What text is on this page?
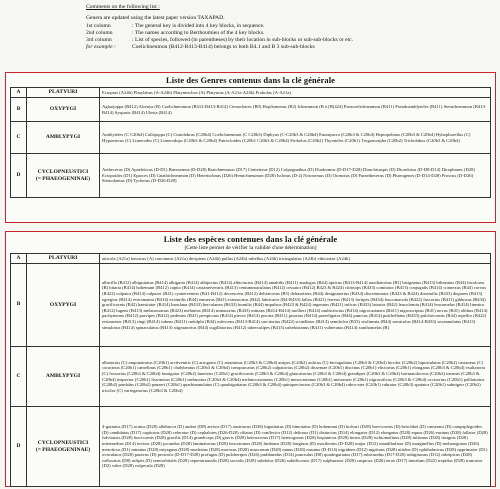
Comments on the following list :
Genera are updated using the latest paper version TAXAPAD.
1st column	: The general key is divided into 4 key blocks, in sequence.
2nd column	: The names according to Berthoumieu of the 4 key blocks.
3rd column	: List of species, followed (in parentheses) by their location in sub-blocks or sub-sub-blocks or etc.
for example :	Coelichneumon (B412-B413-B414) belongs to both B4.1 and B 3 sub-sub-blocks
Liste des Genres contenus dans la clé générale
A	PLATYURI	Ectopius (A24b) Platylabus (A-A24b) Platymischos (A) Platyurus (A-A21a-A24b) Probolus (A-A21a)
B	OXYPYGI	Aglaojoppa (B412) Alomya (B) Coelichneumon (B412-B413-B414) Ctenochares (B9) Hoplismenus (B2) Ichneumon (B à [B]424) Paracoelichneumon (B411) Pseudoamblyteles (B411) Stenichneumon (B413-B414) Syspasis (B414) Ulesta (B414)
C	AMBLYPYGI	Amblyteles (C C20b4) Callajoppa (C) Cratolabrus (C20b4) Coelichneumon (C C20b3) Diphyus (C-C20b3 & C20b4) Eutanyacra (C20b3 & C20b4) Hepiopelmus (C20b3 & C20b4) Hybophorellus (C) Hypomecus (C) Limerodes (C) Limerodops (C20b3 & C20b4) Patrocloides (C20b1 C20b3 & C20b4) Probolus (C20b2) Thyrateles (C20b1) Trogomorpha (C20b2) Tricholabus (C20b3 & C20b4)
D	CYCLOPNEUSTICI
(= PHAEOGENINAE)	Aethecerus (D) Apaeleticus (D-D1) Baeosemus (D-D28) Barichneumon (D17) Centeterus (D12) Colpognathus (D) Diadromus (D-D17-D28) Diaschisaspis (D) Dicaelotus (D-D8-D14) Dirophanes (D28) Ectopoides (D1) Eparces (D) Gnathichneumon (D) Heterischnus (D26) Hemichneumon (D28) Ischnus (D-2) Notosemus (D) Oronotus (D) Paraethecerus (D) Phaeogenes (D-D14-D28) Proscus (D-D26) Stenodontus (D) Tycherus (D-D26-D28)
Liste des espèces contenues dans la clé générale
[Cette liste permet de vérifier la validité d'une détermination]
A	PLATYURI	atticola (A21a) bassicus (A) concinnus (A21a) decipiens (A24b) pullus (A24b) rubellus (A24b) tricingulatus (A24b) vibicariae (A24b)
B	OXYPYGI	albicilla (B412) albiguttatus (B414) albigutta (B414) albipictus (B414) albicinctus (B414) amabilis (B411) analogus (B44) apricus (B413-B414) auxiliatorius (B1) bisignatus (B413) bilineatus (B44) bicolorus (B) bitaria (B414) bohemani (B412) capito (B414) castaneiventris (B413) centummaculatus (B412) cessator (B412) B423 & B424) citrinops (B433) comitator (B413) conjugalis (B414) connexus (B44) corvus (B422) culpator (B414) culpator (B41) cyaneiventris (B41-B412) decrescens (B412) deliratorius (B5) deltaseiates (B44) designatorius (B434) discriminator (B423 & B424) dissimilis (B433) dispares (B413) egregius (B414) eversmanni (B414) exsimilis (B44) eumerus (B41) extensorius (B42) fabricator (B4-B433) fallax (B421) ferreus (B413) fortipes (B434) fuscomacula (B422) fuscorius (B411) gibbosus (B434) gracilicornis (B42) haesitator (B414) hanclana (B433) herculanea (B433) humilis (B44) impulsus (B423 & B424) ingenuus (B421) inficus (B433) latrator (B42) leucolomia (B414) leucomelas (B414) lineator (B412) lugens (B413) melanosomus (B423) melanius (B414) minutorius (B433) mittans (B414-B414) mollieri (B414) multicinctus (B414) nigrocastanea (B411) nigroscriptus (B41) novus (B41) oblitus (B414) pachymerus (B412) parvipes (B412) pedestus (B41) perspicuus (B414) pieces (B414) pisoria (B411) pisorius (B414) praeeligator (B44) punctus (B414) pulchellatus (B433) pulchricornis (B44) repellor (B422) restaurator (B413) ringi (B414) rubens (B411) rudolphi (B44) rufescens (B413-B414) sarcitorius (B422) scutellator (B414) semifulva (B33) sexlineata (B44) semirufus (B414-B433) sexannulatus (B413) simulosus (B414) spinaculatus (B413) stigmatorius (B44) sugillatorius (B412) tuberculipes (B413) uzbekistanus (B411) vulneratus (B414) xanthomelas (B)
C	AMBLYPYGI	albatorius (C) amputatorius (C20b1) arctiventris (C) arrogator (C) atraminus (C20b3 & C20b4) atripes (C20b2) aulicus (C) bicingulatus (C20b3 & C20b4) bicolor (C20b2) bipustulatus (C20b2) castaneus (C) coracinus (C20b1) camelinus (C20b1) chalybeatus (C20b3 & C20b4) conspurcatus (C20b2) culpatorius (C20b2) dissemae (C20b1) discinus (C20b1) elictorius (C20b1) elongatus (C20b3 & C20b4) exaltatoria (C) fossorius (C20b3 & C20b4) fumigator (C20b2) funereus (C20b1) gracilicornis (C20b3 & C20b4) glaucatorius (C20b3 & C20b4) grandipes (C20b3 & C20b4) haematoloceus (C20b2) inermis (C20b3 & C20b4) inspector (C20b1) lissonotus (C20b1) melanotus (C20b3 & C20b4) melanocastaneus (C20b1) mesocastanus (C20b1) mesomeri (C20b1) nigroruficus (C20b3 & C20b4) occisorius (C20b1) palliatorius (C20b2) pardalus (C20b2) panzeri (C20b1) quadriannulatus (C) quadriguttatus (C20b3 & C20b4) quinquecinctus (C20b3 & C20b4) rubro-ater (C20b1) rubrator (C20b3) sputator (C20b1) subnigerr (C20b2) tricolor (C) variegatorius (C20b3 & C20b4)
D	CYCLOPNEUSTICI
(= PHAEOGENINAE)	4-guttatus (D17) acutus (D28) albibucca (D) andrei (D8) arrisor (D17) austriacus (D28) bigutttatus (D) bimotatus (D) bohemani (D) bolvari (D28) brevicornis (D) brischkei (D) camerani (D) campsplegoides (D) candidatus (D17) capitosus (D28) celerator (D) cephalotes (D26-D28) ciliatus (D) conflector (D12) delirous (D1) distinctus (D14) elongator (D12) elongatus (D28) equus (D26) eurinus (D28) fallator (D28) fulvitarsis (D28) fuscicornis (D28) gracilis (D14) grandiceps (D) gravis (D28) heterocerus (D17) heterogonus (D28) hispanicus (D28) hostis (D28) ischiomelinus (D28) infirmus (D28) insignis (D28) intermedius (D14) invisor (D28) jucundus (D28) laminatorius (D28) leucotomus (D28) limbatus (D28) longiuus (D) macilentus (D-D28) major (D12) mandibulator (D) marginellus (D) melanogonus (D26) mesoticus (D1) minutus (D28) miyaguus (D28) modestus (D28) morosus (D28) muscarum (D28) nanus (D28) nasutus (D-D14) nigridens (D12) nigritans (D28) nitidus (D) ophthalmicus (D28) opprimator (D1) ovaculator (D28) paravus (D) pectoriis (D-D17-D28) profugus (D) pulcheripes (D26) pudibundus (D14) punctulus (D8) quadriguttatus (D17) rubicundus (D17-D28) rubiginosus (D12) rubriptcus (D28) rufloxatus (D8) rufipes (D) semiorbitalis (D28) septentrionalis (D28) socialis (D28) subdolus (D26) subtilicornis (D17) sulphurator (D28) suspicax (D26) terax (D17) tinealum (D22) trepidus (D28) truncator (D2) valee (D28) vulpecula (D28)
